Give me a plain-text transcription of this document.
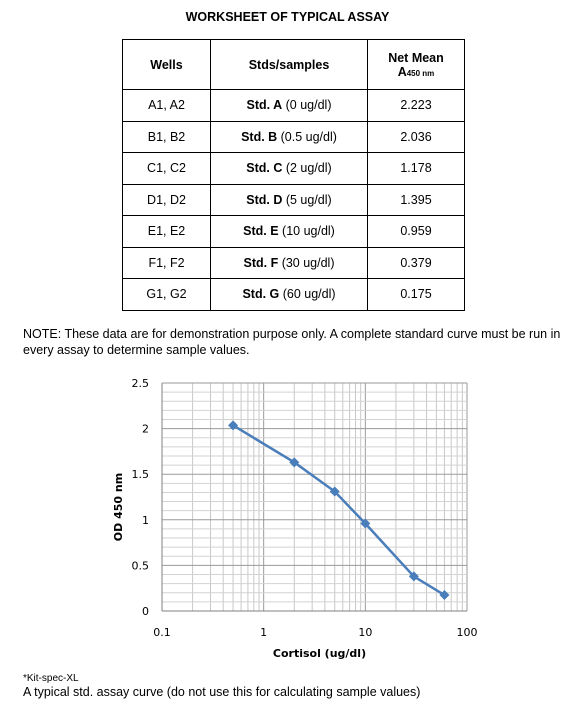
WORKSHEET OF TYPICAL ASSAY
Wells	Stds/samples	Net Mean
A450 nm
A1, A2	Std. A (0 ug/dl)	2.223
B1, B2	Std. B (0.5 ug/dl)	2.036
C1, C2	Std. C (2 ug/dl)	1.178
D1, D2	Std. D (5 ug/dl)	1.395
E1, E2	Std. E (10 ug/dl)	0.959
F1, F2	Std. F (30 ug/dl)	0.379
G1, G2	Std. G (60 ug/dl)	0.175
NOTE: These data are for demonstration purpose only. A complete standard curve must be run in every assay to determine sample values.
0.1	1	10	100
0
0.5
1
1.5
2
2.5
Cortisol (ug/dl)
OD 450 nm
*Kit-spec-XL
A typical std. assay curve (do not use this for calculating sample values)
